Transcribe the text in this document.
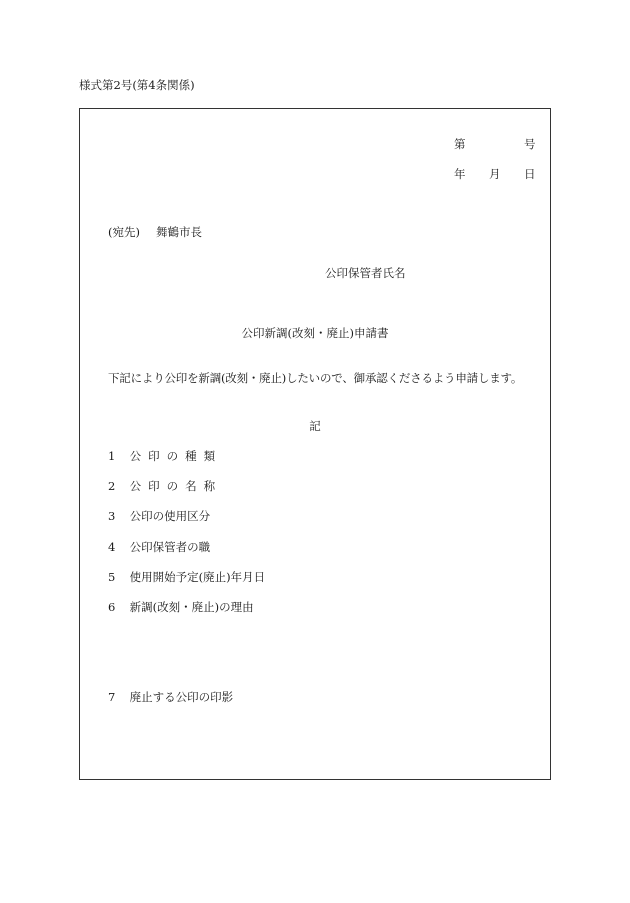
様式第2号(第4条関係)
第	号
年 月 日
(宛先) 舞鶴市長
公印保管者氏名
公印新調(改刻・廃止)申請書
下記により公印を新調(改刻・廃止)したいので、御承認くださるよう申請します。
記
1 公印の種類
2 公印の名称
3 公印の使用区分
4 公印保管者の職
5 使用開始予定(廃止)年月日
6 新調(改刻・廃止)の理由
7 廃止する公印の印影
